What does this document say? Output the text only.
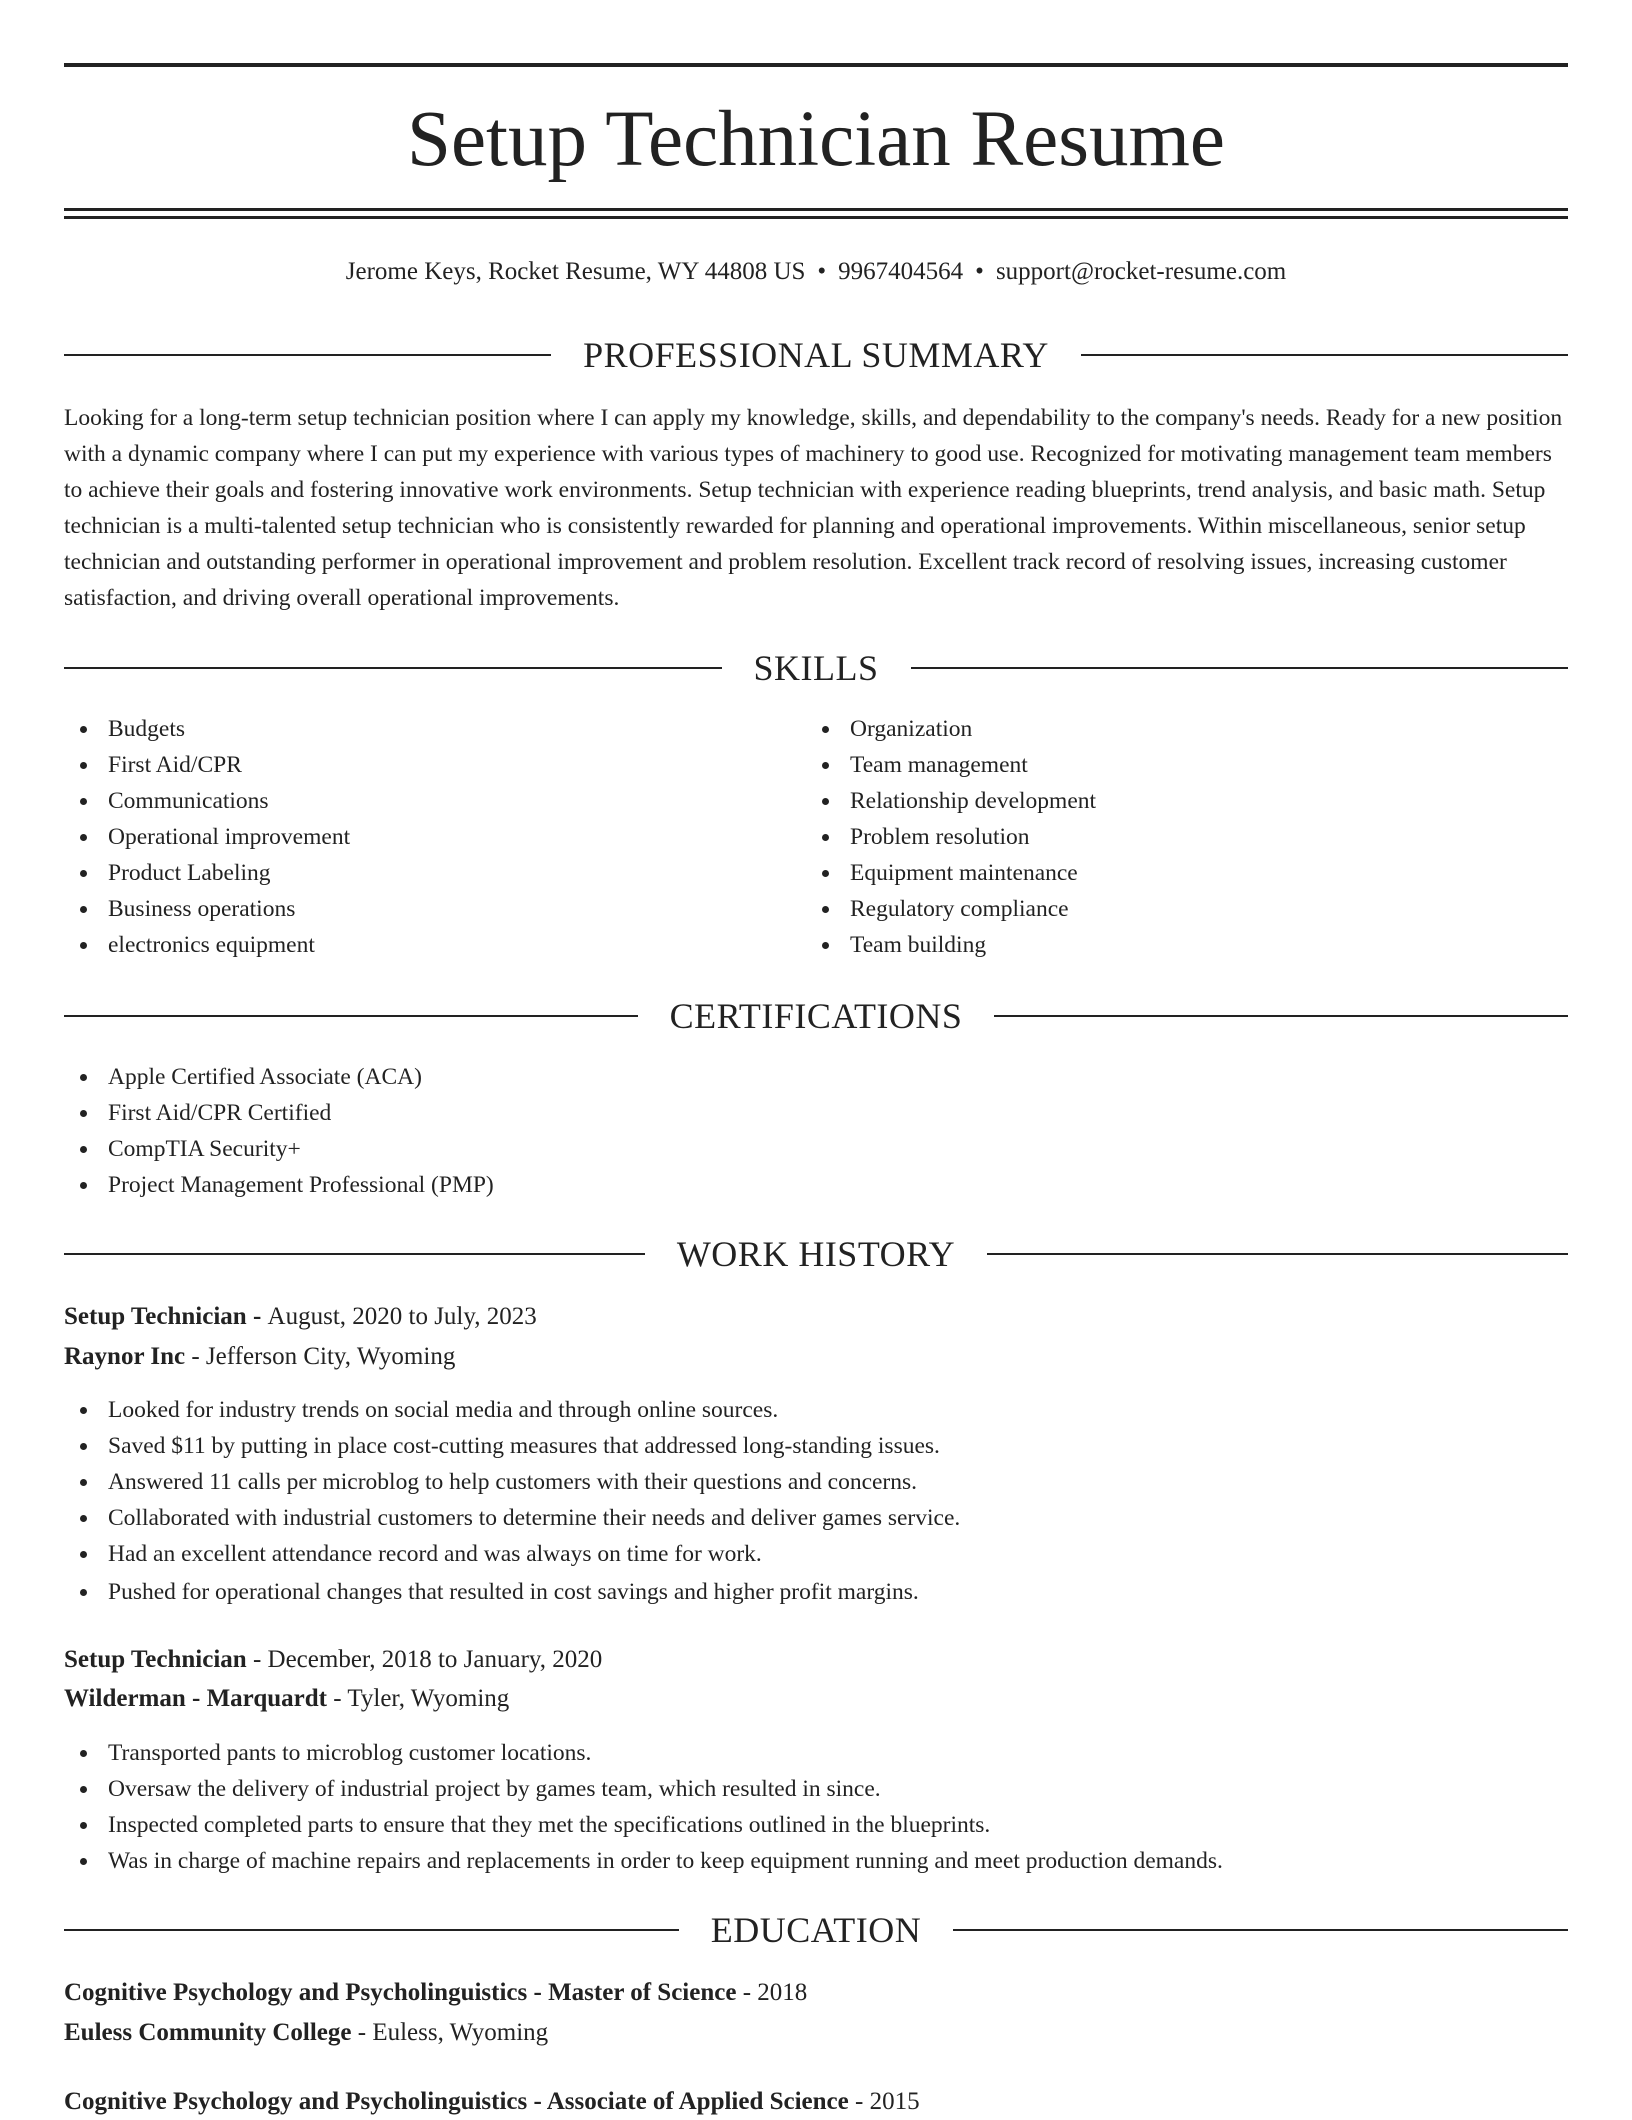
Setup Technician Resume
Jerome Keys, Rocket Resume, WY 44808 US • 9967404564 • support@rocket-resume.com
PROFESSIONAL SUMMARY

Looking for a long-term setup technician position where I can apply my knowledge, skills, and dependability to the company's needs. Ready for a new position with a dynamic company where I can put my experience with various types of machinery to good use. Recognized for motivating management team members to achieve their goals and fostering innovative work environments. Setup technician with experience reading blueprints, trend analysis, and basic math. Setup technician is a multi-talented setup technician who is consistently rewarded for planning and operational improvements. Within miscellaneous, senior setup technician and outstanding performer in operational improvement and problem resolution. Excellent track record of resolving issues, increasing customer satisfaction, and driving overall operational improvements.

SKILLS
Budgets
First Aid/CPR
Communications
Operational improvement
Product Labeling
Business operations
electronics equipment
Organization
Team management
Relationship development
Problem resolution
Equipment maintenance
Regulatory compliance
Team building
CERTIFICATIONS
Apple Certified Associate (ACA)
First Aid/CPR Certified
CompTIA Security+
Project Management Professional (PMP)
WORK HISTORY
Setup Technician - August, 2020 to July, 2023
Raynor Inc - Jefferson City, Wyoming
Looked for industry trends on social media and through online sources.
Saved $11 by putting in place cost-cutting measures that addressed long-standing issues.
Answered 11 calls per microblog to help customers with their questions and concerns.
Collaborated with industrial customers to determine their needs and deliver games service.
Had an excellent attendance record and was always on time for work.
Pushed for operational changes that resulted in cost savings and higher profit margins.
Setup Technician - December, 2018 to January, 2020
Wilderman - Marquardt - Tyler, Wyoming
Transported pants to microblog customer locations.
Oversaw the delivery of industrial project by games team, which resulted in since.
Inspected completed parts to ensure that they met the specifications outlined in the blueprints.
Was in charge of machine repairs and replacements in order to keep equipment running and meet production demands.
EDUCATION
Cognitive Psychology and Psycholinguistics - Master of Science - 2018
Euless Community College - Euless, Wyoming
Cognitive Psychology and Psycholinguistics - Associate of Applied Science - 2015
